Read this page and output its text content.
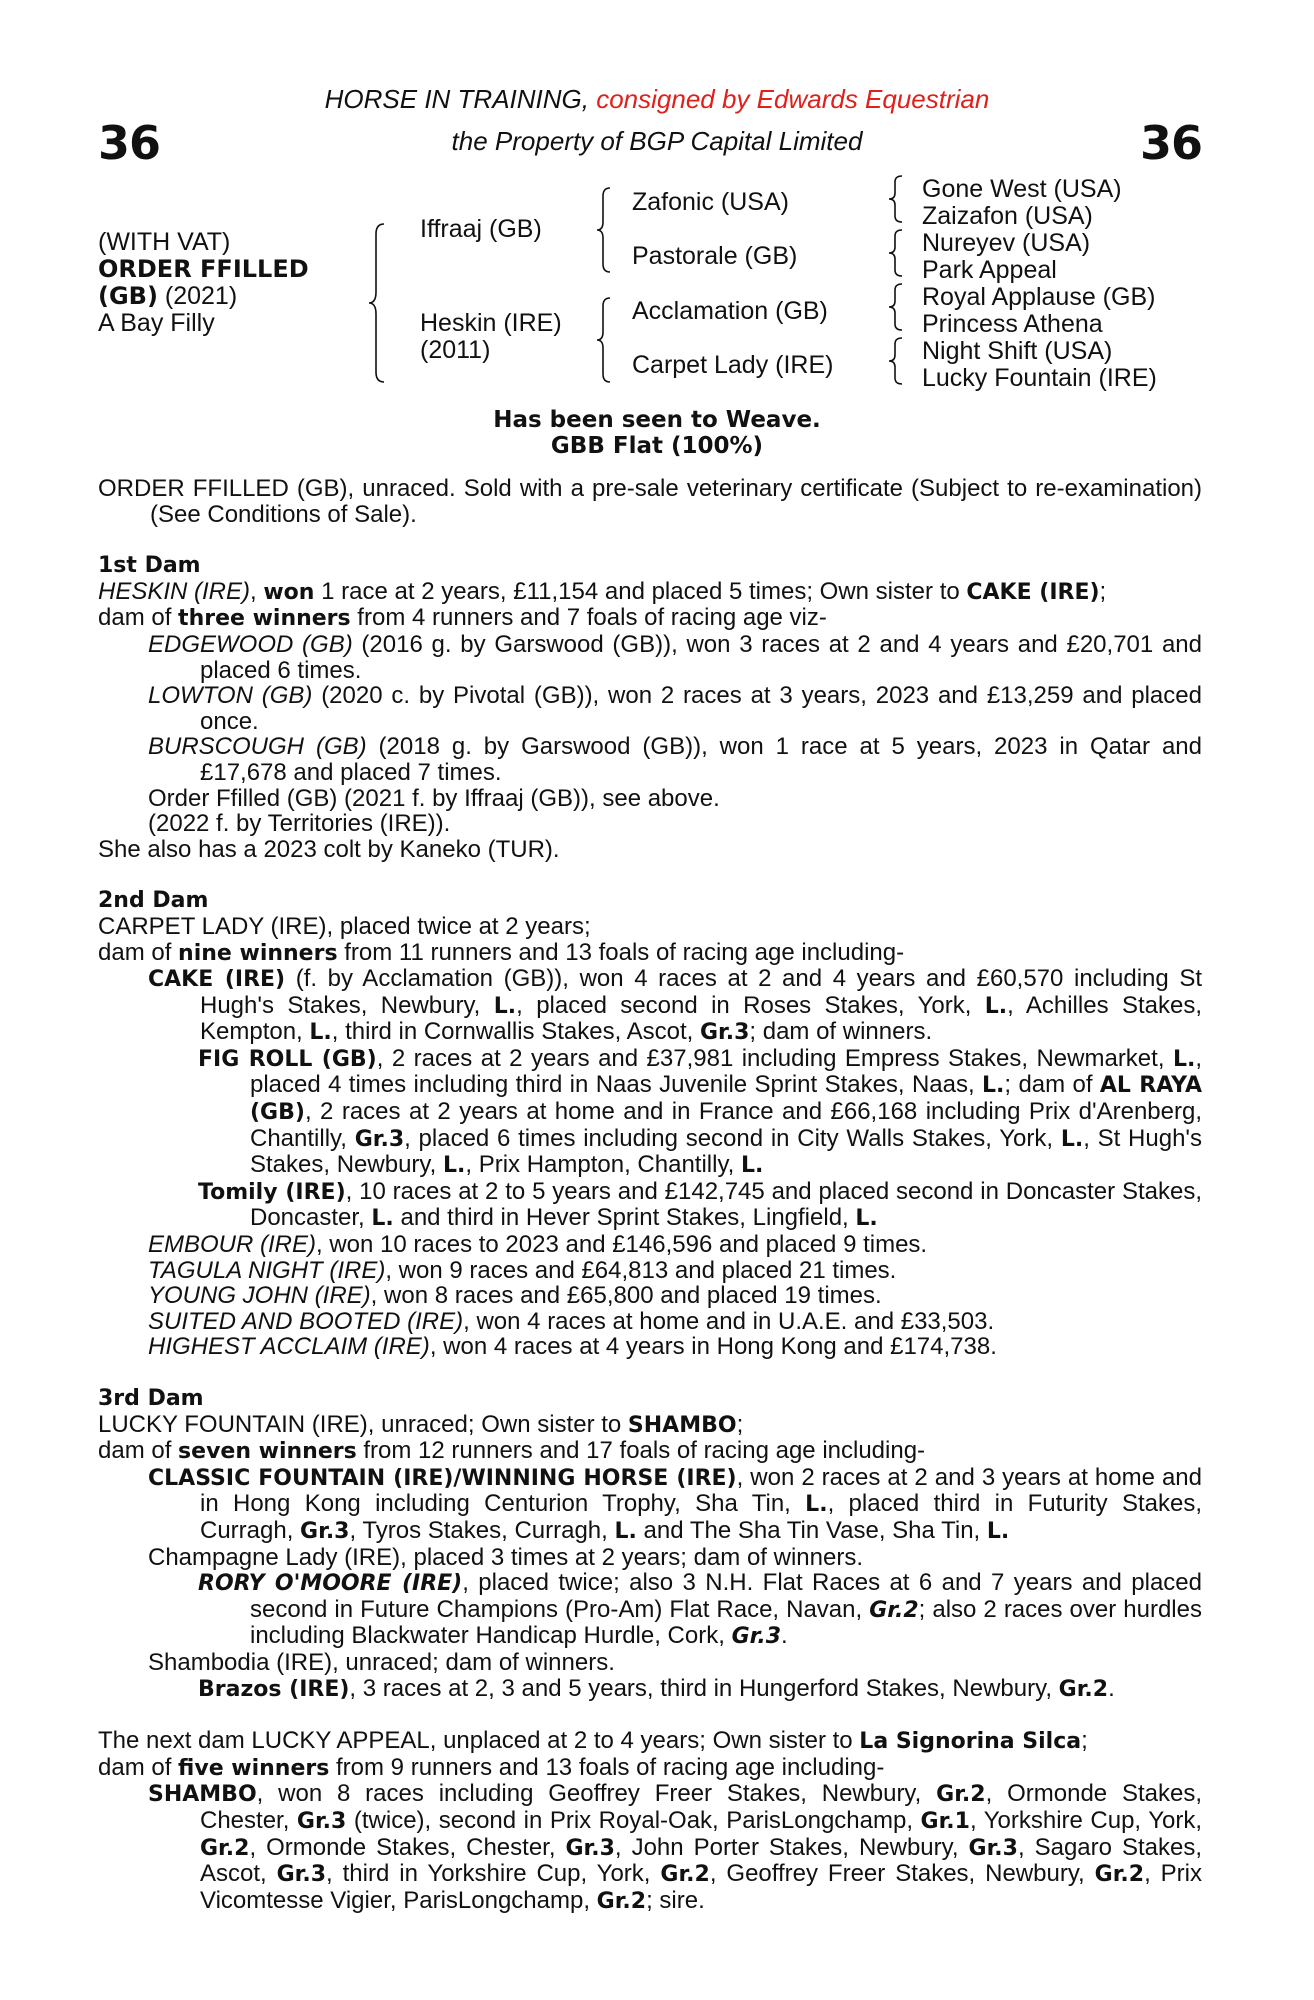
36	36
HORSE IN TRAINING, consigned by Edwards Equestrian
the Property of BGP Capital Limited
(WITH VAT)
ORDER FFILLED
(GB) (2021)
A Bay Filly
Iffraaj (GB)
Heskin (IRE)
(2011)
Zafonic (USA)
Pastorale (GB)
Acclamation (GB)
Carpet Lady (IRE)
Gone West (USA)
Zaizafon (USA)
Nureyev (USA)
Park Appeal
Royal Applause (GB)
Princess Athena
Night Shift (USA)
Lucky Fountain (IRE)
Has been seen to Weave.
GBB Flat (100%)

ORDER FFILLED (GB), unraced. Sold with a pre-sale veterinary certificate (Subject to re-examination) (See Conditions of Sale).

1st Dam

HESKIN (IRE), won 1 race at 2 years, £11,154 and placed 5 times; Own sister to CAKE (IRE);

dam of three winners from 4 runners and 7 foals of racing age viz-

EDGEWOOD (GB) (2016 g. by Garswood (GB)), won 3 races at 2 and 4 years and £20,701 and placed 6 times.

LOWTON (GB) (2020 c. by Pivotal (GB)), won 2 races at 3 years, 2023 and £13,259 and placed once.

BURSCOUGH (GB) (2018 g. by Garswood (GB)), won 1 race at 5 years, 2023 in Qatar and £17,678 and placed 7 times.

Order Ffilled (GB) (2021 f. by Iffraaj (GB)), see above.

(2022 f. by Territories (IRE)).

She also has a 2023 colt by Kaneko (TUR).

2nd Dam

CARPET LADY (IRE), placed twice at 2 years;

dam of nine winners from 11 runners and 13 foals of racing age including-

CAKE (IRE) (f. by Acclamation (GB)), won 4 races at 2 and 4 years and £60,570 including St Hugh's Stakes, Newbury, L., placed second in Roses Stakes, York, L., Achilles Stakes, Kempton, L., third in Cornwallis Stakes, Ascot, Gr.3; dam of winners.

FIG ROLL (GB), 2 races at 2 years and £37,981 including Empress Stakes, Newmarket, L., placed 4 times including third in Naas Juvenile Sprint Stakes, Naas, L.; dam of AL RAYA (GB), 2 races at 2 years at home and in France and £66,168 including Prix d'Arenberg, Chantilly, Gr.3, placed 6 times including second in City Walls Stakes, York, L., St Hugh's Stakes, Newbury, L., Prix Hampton, Chantilly, L.

Tomily (IRE), 10 races at 2 to 5 years and £142,745 and placed second in Doncaster Stakes, Doncaster, L. and third in Hever Sprint Stakes, Lingfield, L.

EMBOUR (IRE), won 10 races to 2023 and £146,596 and placed 9 times.

TAGULA NIGHT (IRE), won 9 races and £64,813 and placed 21 times.

YOUNG JOHN (IRE), won 8 races and £65,800 and placed 19 times.

SUITED AND BOOTED (IRE), won 4 races at home and in U.A.E. and £33,503.

HIGHEST ACCLAIM (IRE), won 4 races at 4 years in Hong Kong and £174,738.

3rd Dam

LUCKY FOUNTAIN (IRE), unraced; Own sister to SHAMBO;

dam of seven winners from 12 runners and 17 foals of racing age including-

CLASSIC FOUNTAIN (IRE)/WINNING HORSE (IRE), won 2 races at 2 and 3 years at home and in Hong Kong including Centurion Trophy, Sha Tin, L., placed third in Futurity Stakes, Curragh, Gr.3, Tyros Stakes, Curragh, L. and The Sha Tin Vase, Sha Tin, L.

Champagne Lady (IRE), placed 3 times at 2 years; dam of winners.

RORY O'MOORE (IRE), placed twice; also 3 N.H. Flat Races at 6 and 7 years and placed second in Future Champions (Pro-Am) Flat Race, Navan, Gr.2; also 2 races over hurdles including Blackwater Handicap Hurdle, Cork, Gr.3.

Shambodia (IRE), unraced; dam of winners.

Brazos (IRE), 3 races at 2, 3 and 5 years, third in Hungerford Stakes, Newbury, Gr.2.

The next dam LUCKY APPEAL, unplaced at 2 to 4 years; Own sister to La Signorina Silca;

dam of five winners from 9 runners and 13 foals of racing age including-

SHAMBO, won 8 races including Geoffrey Freer Stakes, Newbury, Gr.2, Ormonde Stakes, Chester, Gr.3 (twice), second in Prix Royal-Oak, ParisLongchamp, Gr.1, Yorkshire Cup, York, Gr.2, Ormonde Stakes, Chester, Gr.3, John Porter Stakes, Newbury, Gr.3, Sagaro Stakes, Ascot, Gr.3, third in Yorkshire Cup, York, Gr.2, Geoffrey Freer Stakes, Newbury, Gr.2, Prix Vicomtesse Vigier, ParisLongchamp, Gr.2; sire.
